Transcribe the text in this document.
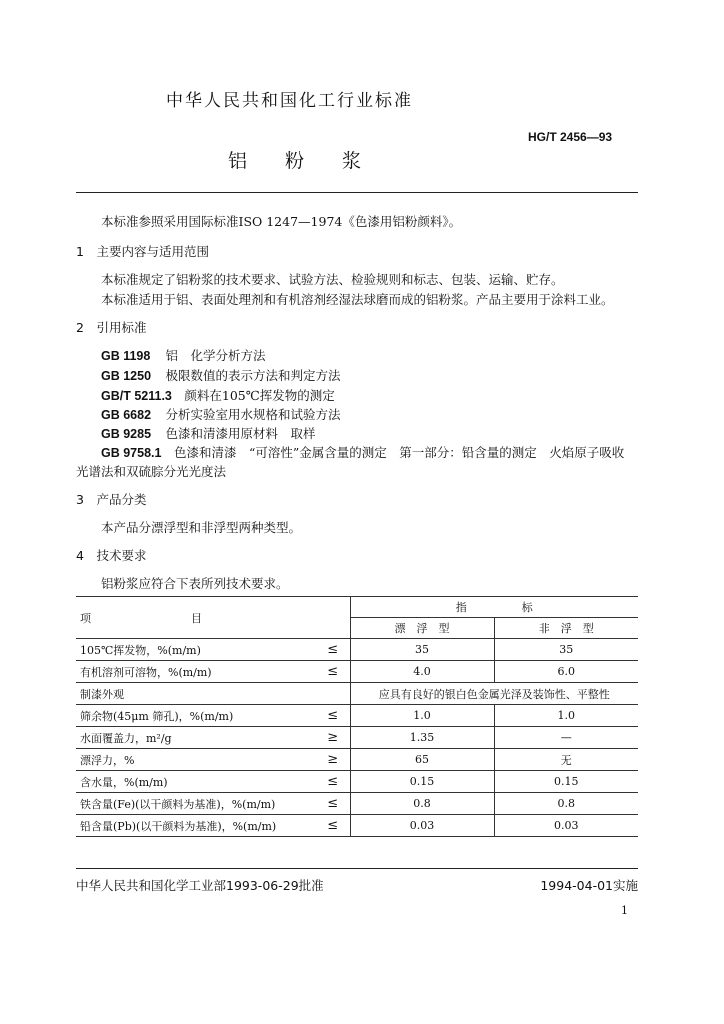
中华人民共和国化工行业标准
HG/T 2456—93
铝粉浆
本标准参照采用国际标准ISO 1247—1974《色漆用铝粉颜料》。
1　主要内容与适用范围
本标准规定了铝粉浆的技术要求、试验方法、检验规则和标志、包装、运输、贮存。
本标准适用于铝、表面处理剂和有机溶剂经湿法球磨而成的铝粉浆。产品主要用于涂料工业。
2　引用标准
GB 1198　 铝　化学分析方法
GB 1250　 极限数值的表示方法和判定方法
GB/T 5211.3　 颜料在105℃挥发物的测定
GB 6682　 分析实验室用水规格和试验方法
GB 9285　 色漆和清漆用原材料　取样
GB 9758.1　 色漆和清漆　“可溶性”金属含量的测定　第一部分：铅含量的测定　火焰原子吸收
光谱法和双硫腙分光光度法
3　产品分类
本产品分漂浮型和非浮型两种类型。
4　技术要求
铝粉浆应符合下表所列技术要求。
项目		指　　　　　标	
		漂　浮　型	非　浮　型
105℃挥发物，%(m/m)	≤	35	35
有机溶剂可溶物，%(m/m)	≤	4.0	6.0
制漆外观		应具有良好的银白色金属光泽及装饰性、平整性	
筛余物(45μm 筛孔)，%(m/m)	≤	1.0	1.0
水面覆盖力，m²/g	≥	1.35	—
漂浮力，%	≥	65	无
含水量，%(m/m)	≤	0.15	0.15
铁含量(Fe)(以干颜料为基准)，%(m/m)	≤	0.8	0.8
铅含量(Pb)(以干颜料为基准)，%(m/m)	≤	0.03	0.03
中华人民共和国化学工业部1993-06-29批准	1994-04-01实施
1
